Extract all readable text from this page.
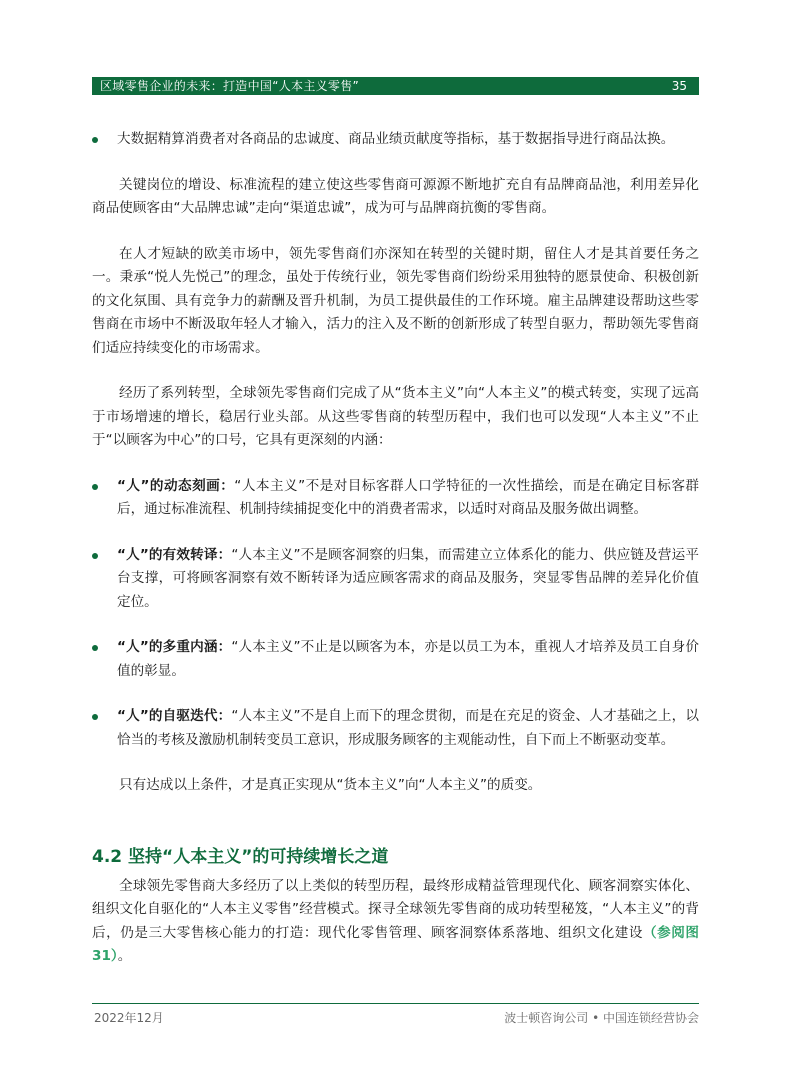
区域零售企业的未来：打造中国“人本主义零售”	35

大数据精算消费者对各商品的忠诚度、商品业绩贡献度等指标，基于数据指导进行商品汰换。

关键岗位的增设、标准流程的建立使这些零售商可源源不断地扩充自有品牌商品池，利用差异化商品使顾客由“大品牌忠诚”走向“渠道忠诚”，成为可与品牌商抗衡的零售商。

在人才短缺的欧美市场中，领先零售商们亦深知在转型的关键时期，留住人才是其首要任务之一。秉承“悦人先悦己”的理念，虽处于传统行业，领先零售商们纷纷采用独特的愿景使命、积极创新的文化氛围、具有竞争力的薪酬及晋升机制，为员工提供最佳的工作环境。雇主品牌建设帮助这些零售商在市场中不断汲取年轻人才输入，活力的注入及不断的创新形成了转型自驱力，帮助领先零售商们适应持续变化的市场需求。

经历了系列转型，全球领先零售商们完成了从“货本主义”向“人本主义”的模式转变，实现了远高于市场增速的增长，稳居行业头部。从这些零售商的转型历程中，我们也可以发现“人本主义”不止于“以顾客为中心”的口号，它具有更深刻的内涵：

“人”的动态刻画：“人本主义”不是对目标客群人口学特征的一次性描绘，而是在确定目标客群后，通过标准流程、机制持续捕捉变化中的消费者需求，以适时对商品及服务做出调整。

“人”的有效转译：“人本主义”不是顾客洞察的归集，而需建立立体系化的能力、供应链及营运平台支撑，可将顾客洞察有效不断转译为适应顾客需求的商品及服务，突显零售品牌的差异化价值定位。

“人”的多重内涵：“人本主义”不止是以顾客为本，亦是以员工为本，重视人才培养及员工自身价值的彰显。

“人”的自驱迭代：“人本主义”不是自上而下的理念贯彻，而是在充足的资金、人才基础之上，以恰当的考核及激励机制转变员工意识，形成服务顾客的主观能动性，自下而上不断驱动变革。

只有达成以上条件，才是真正实现从“货本主义”向“人本主义”的质变。

4.2 坚持“人本主义”的可持续增长之道

全球领先零售商大多经历了以上类似的转型历程，最终形成精益管理现代化、顾客洞察实体化、组织文化自驱化的“人本主义零售”经营模式。探寻全球领先零售商的成功转型秘笈，“人本主义”的背后，仍是三大零售核心能力的打造：现代化零售管理、顾客洞察体系落地、组织文化建设（参阅图31）。

2022年12月	波士顿咨询公司 • 中国连锁经营协会
